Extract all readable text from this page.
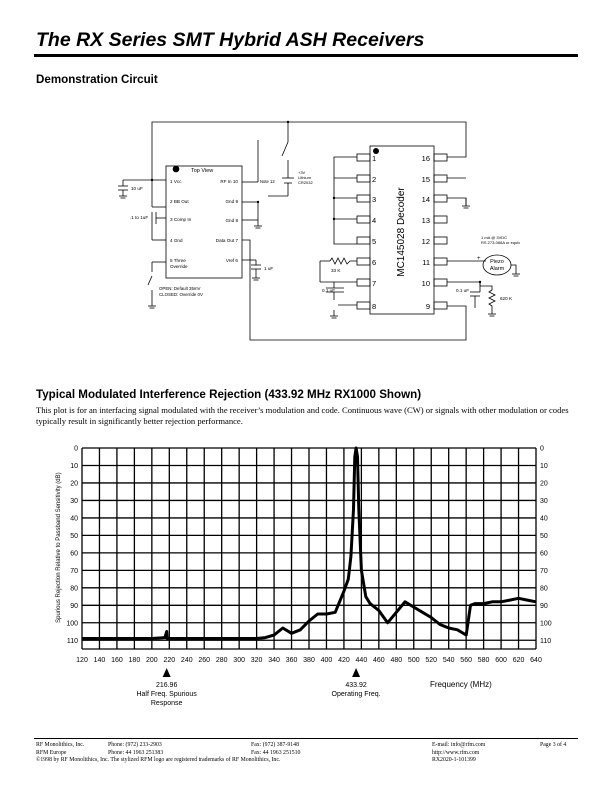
The RX Series SMT Hybrid ASH Receivers
Demonstration Circuit
Top View
1 Vcc
2 BB Out
3 Comp In
4 Gnd
5 Three
Override
RF In 10
Gnd 9
Gnd 8
Data Out 7
Vref 6
10 uF
.1 to 1uF
Note 12
+3V
Lithium
CR2032
1 uF
OPEN: Default 35mV
CLOSED: Override 0V
33 K
0.1 uF	0.1 uF
620 K
1 mA @ 3VDC
RS 273-068A or equiv
Piezo
Alarm
+
MC145028 Decoder
1
2
3
4
5
6
7
8
16
15
14
13
12
11
10
9
Typical Modulated Interference Rejection (433.92 MHz RX1000 Shown)
This plot is for an interfacing signal modulated with the receiver’s modulation and code. Continuous wave (CW) or signals with other modulation or codes typically result in significantly better rejection performance.
0
10
20
30
40
50
60
70
80
90
100
110
0
10
20
30
40
50
60
70
80
90
100
110
120 140 160 180 200 220 240 260 280 300 320 340 360 380 400 420 440 460 480 500 520 540 560 580 600 620 640
Spurious Rejection Relative to Passband Sensitivity (dB)
Frequency (MHz)
216.96
Half Freq. Spurious
Response
433.92
Operating Freq.
RF Monolithics, Inc.
RFM Europe
Phone: (972) 233-2903
Phone: 44 1963 251383
Fax: (972) 387-9148
Fax: 44 1963 251510
E-mail: info@rfm.com
http://www.rfm.com
RX2020-1-101399
Page 3 of 4
©1998 by RF Monolithics, Inc. The stylized RFM logo are registered trademarks of RF Monolithics, Inc.
